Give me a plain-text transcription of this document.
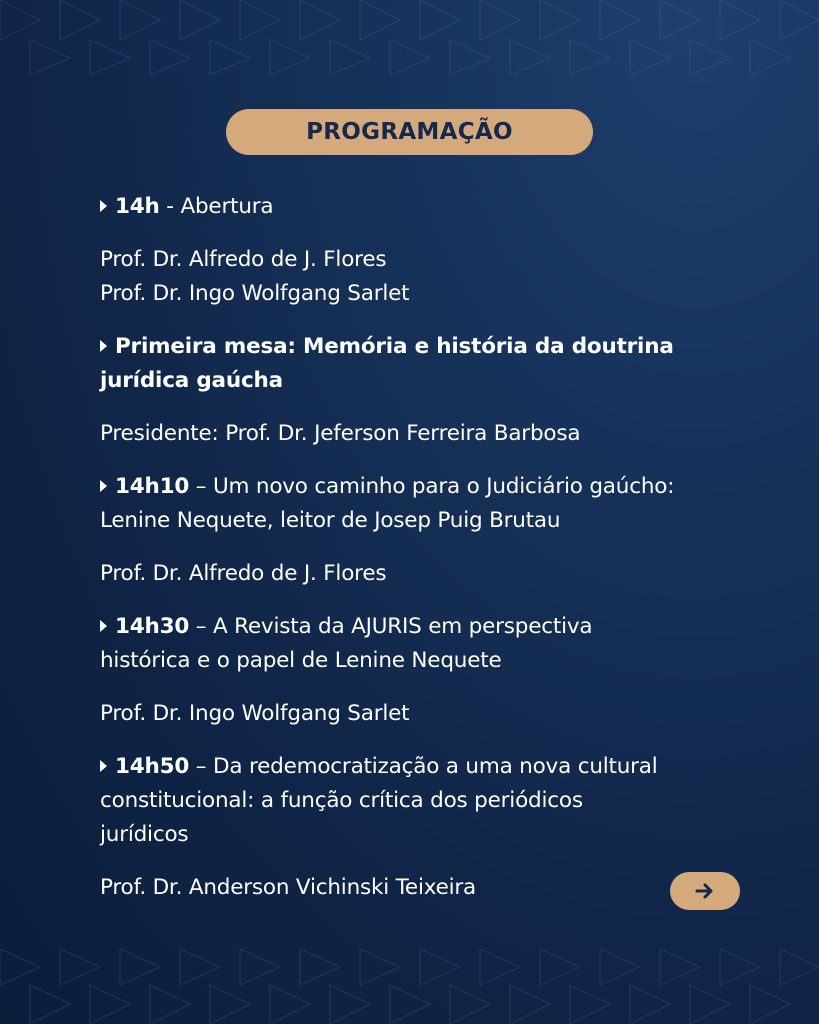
PROGRAMAÇÃO
14h - Abertura
Prof. Dr. Alfredo de J. Flores
Prof. Dr. Ingo Wolfgang Sarlet
Primeira mesa: Memória e história da doutrina
jurídica gaúcha
Presidente: Prof. Dr. Jeferson Ferreira Barbosa
14h10 – Um novo caminho para o Judiciário gaúcho:
Lenine Nequete, leitor de Josep Puig Brutau
Prof. Dr. Alfredo de J. Flores
14h30 – A Revista da AJURIS em perspectiva
histórica e o papel de Lenine Nequete
Prof. Dr. Ingo Wolfgang Sarlet
14h50 – Da redemocratização a uma nova cultural
constitucional: a função crítica dos periódicos
jurídicos
Prof. Dr. Anderson Vichinski Teixeira
